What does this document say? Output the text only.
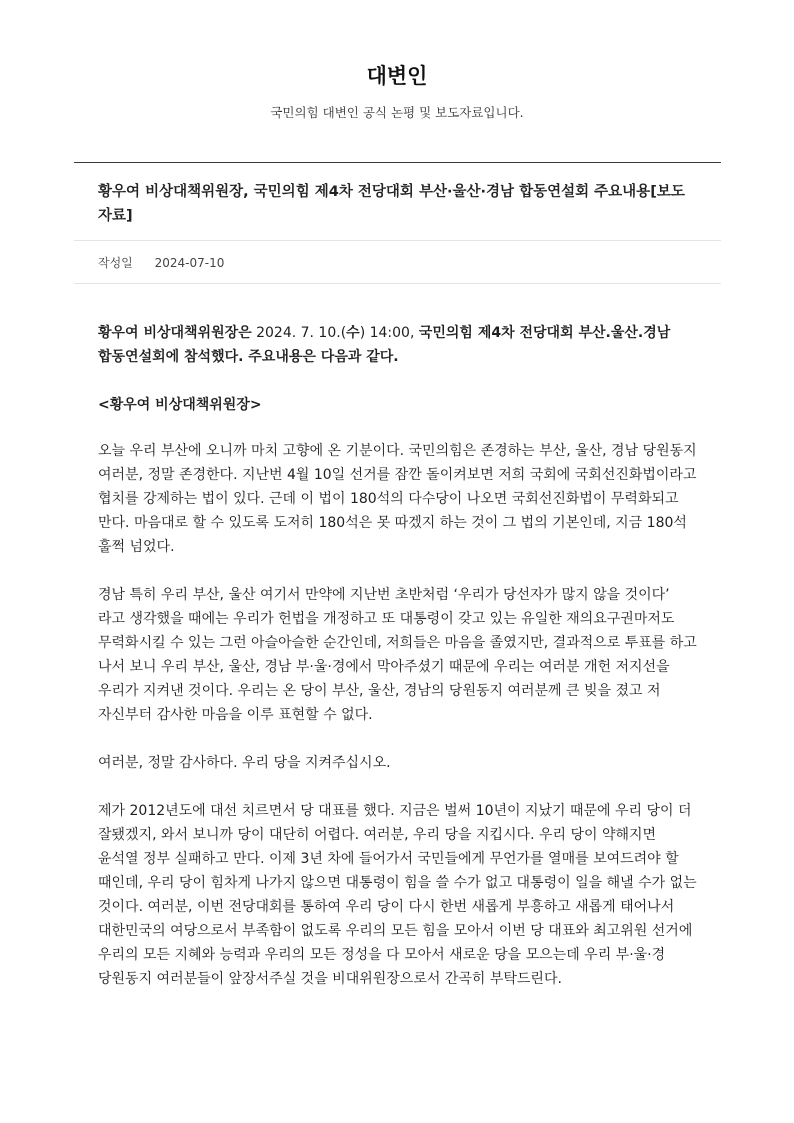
대변인
국민의힘 대변인 공식 논평 및 보도자료입니다.
황우여 비상대책위원장, 국민의힘 제4차 전당대회 부산·울산·경남 합동연설회 주요내용[보도자료]
작성일 2024-07-10

황우여 비상대책위원장은 2024. 7. 10.(수) 14:00, 국민의힘 제4차 전당대회 부산.울산.경남 합동연설회에 참석했다. 주요내용은 다음과 같다.

<황우여 비상대책위원장>

오늘 우리 부산에 오니까 마치 고향에 온 기분이다. 국민의힘은 존경하는 부산, 울산, 경남 당원동지 여러분, 정말 존경한다. 지난번 4월 10일 선거를 잠깐 돌이켜보면 저희 국회에 국회선진화법이라고 협치를 강제하는 법이 있다. 근데 이 법이 180석의 다수당이 나오면 국회선진화법이 무력화되고 만다. 마음대로 할 수 있도록 도저히 180석은 못 따겠지 하는 것이 그 법의 기본인데, 지금 180석 훌쩍 넘었다.

경남 특히 우리 부산, 울산 여기서 만약에 지난번 초반처럼 ‘우리가 당선자가 많지 않을 것이다’ 라고 생각했을 때에는 우리가 헌법을 개정하고 또 대통령이 갖고 있는 유일한 재의요구권마저도 무력화시킬 수 있는 그런 아슬아슬한 순간인데, 저희들은 마음을 졸였지만, 결과적으로 투표를 하고 나서 보니 우리 부산, 울산, 경남 부·울·경에서 막아주셨기 때문에 우리는 여러분 개헌 저지선을 우리가 지켜낸 것이다. 우리는 온 당이 부산, 울산, 경남의 당원동지 여러분께 큰 빚을 졌고 저 자신부터 감사한 마음을 이루 표현할 수 없다.

여러분, 정말 감사하다. 우리 당을 지켜주십시오.

제가 2012년도에 대선 치르면서 당 대표를 했다. 지금은 벌써 10년이 지났기 때문에 우리 당이 더 잘됐겠지, 와서 보니까 당이 대단히 어렵다. 여러분, 우리 당을 지킵시다. 우리 당이 약해지면 윤석열 정부 실패하고 만다. 이제 3년 차에 들어가서 국민들에게 무언가를 열매를 보여드려야 할 때인데, 우리 당이 힘차게 나가지 않으면 대통령이 힘을 쓸 수가 없고 대통령이 일을 해낼 수가 없는 것이다. 여러분, 이번 전당대회를 통하여 우리 당이 다시 한번 새롭게 부흥하고 새롭게 태어나서 대한민국의 여당으로서 부족함이 없도록 우리의 모든 힘을 모아서 이번 당 대표와 최고위원 선거에 우리의 모든 지혜와 능력과 우리의 모든 정성을 다 모아서 새로운 당을 모으는데 우리 부·울·경 당원동지 여러분들이 앞장서주실 것을 비대위원장으로서 간곡히 부탁드린다.
